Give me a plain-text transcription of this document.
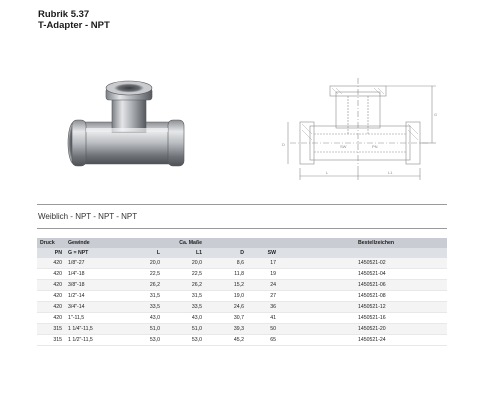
Rubrik 5.37
T-Adapter - NPT
SW	PN
D
L	L1
G
Weiblich - NPT - NPT - NPT
Druck	Gewinde		Ca. Maße				Bestellzeichen
PN	G = NPT	L	L1	D	SW		
420	1/8"-27	20,0	20,0	8,6	17		1450521-02
420	1/4"-18	22,5	22,5	11,8	19		1450521-04
420	3/8"-18	26,2	26,2	15,2	24		1450521-06
420	1/2"-14	31,5	31,5	19,0	27		1450521-08
420	3/4"-14	33,5	33,5	24,6	36		1450521-12
420	1"-11,5	43,0	43,0	30,7	41		1450521-16
315	1 1/4"-11,5	51,0	51,0	39,3	50		1450521-20
315	1 1/2"-11,5	53,0	53,0	45,2	65		1450521-24
